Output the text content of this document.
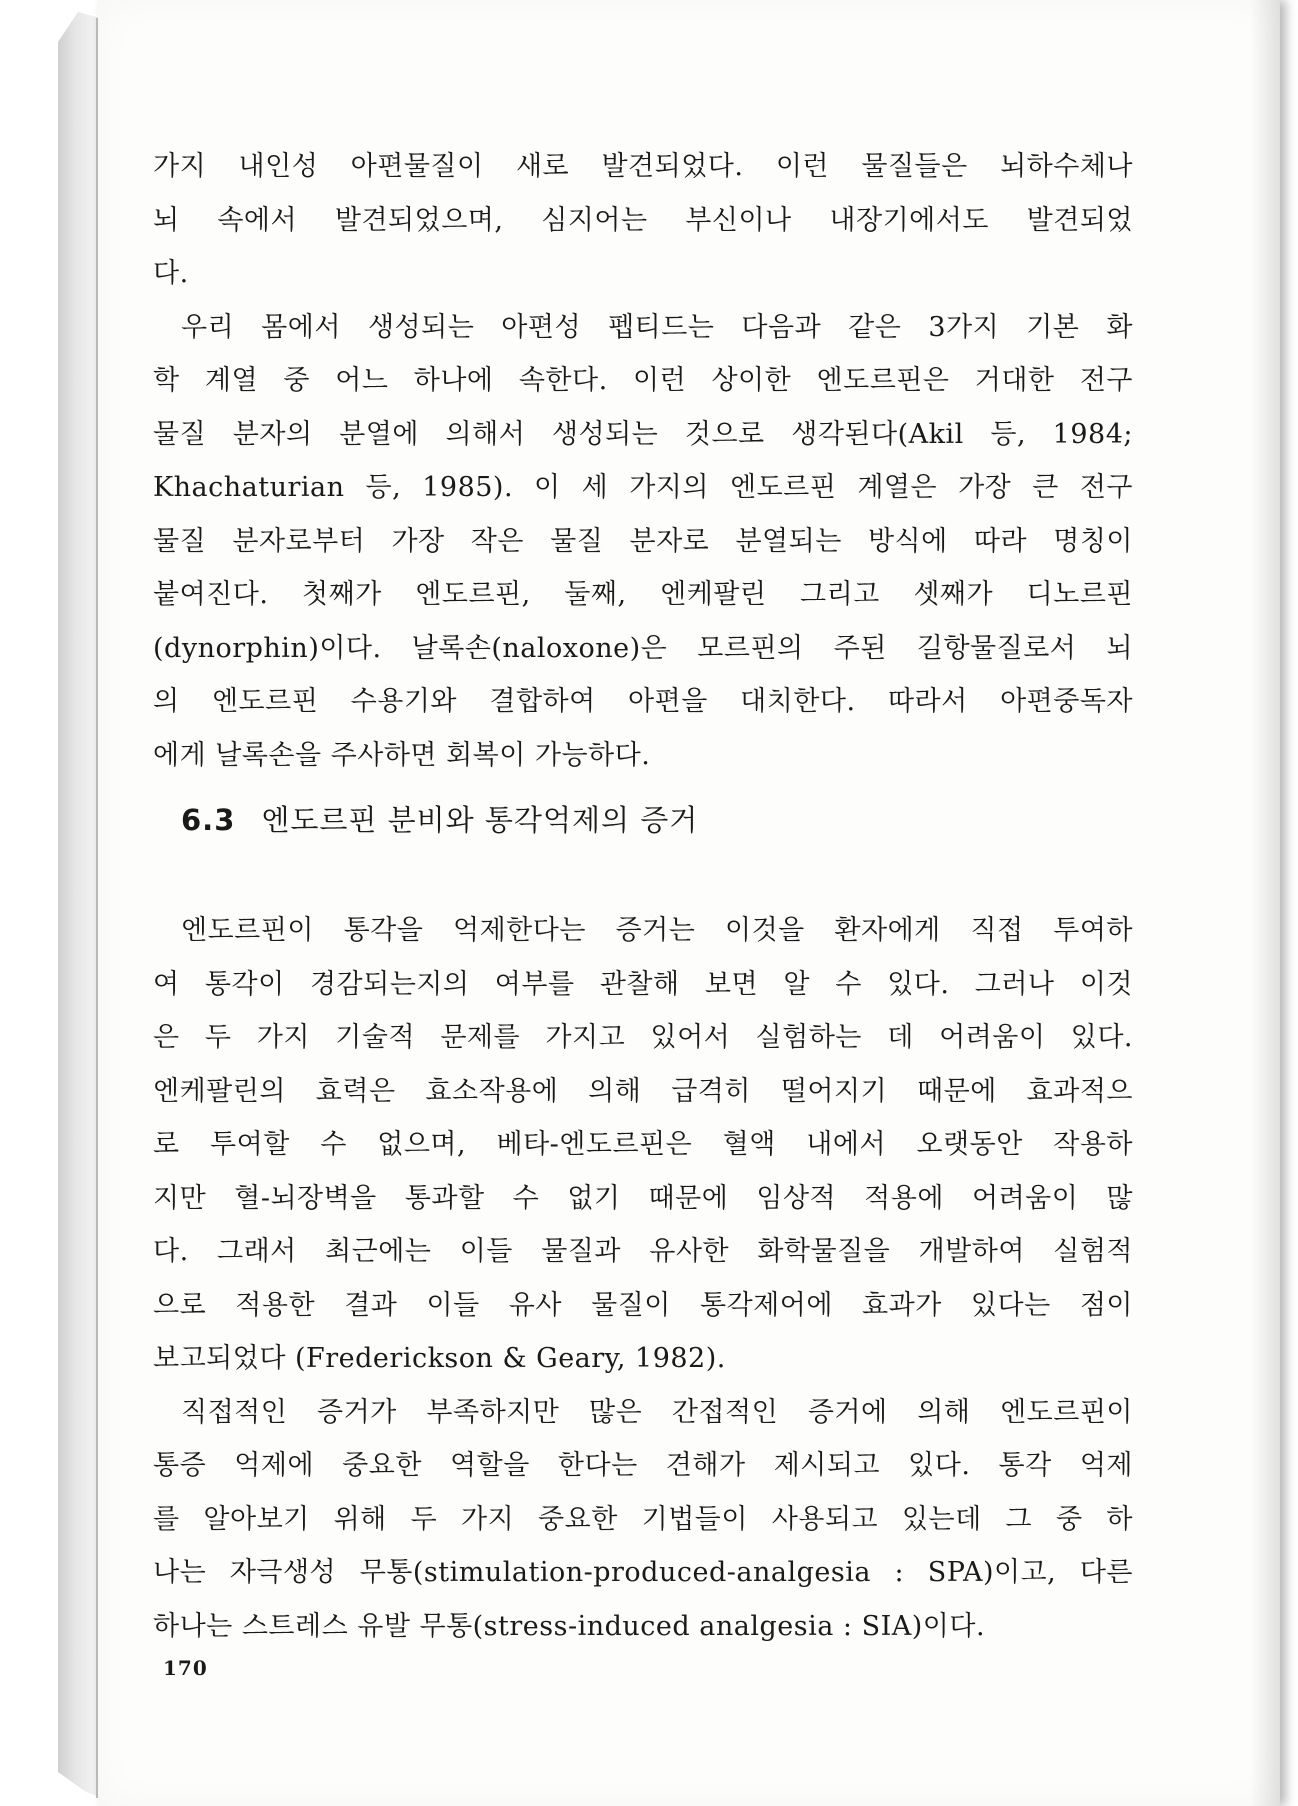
가지 내인성 아편물질이 새로 발견되었다. 이런 물질들은 뇌하수체나
뇌 속에서 발견되었으며, 심지어는 부신이나 내장기에서도 발견되었
다.
우리 몸에서 생성되는 아편성 펩티드는 다음과 같은 3가지 기본 화
학 계열 중 어느 하나에 속한다. 이런 상이한 엔도르핀은 거대한 전구
물질 분자의 분열에 의해서 생성되는 것으로 생각된다(Akil 등, 1984;
Khachaturian 등, 1985). 이 세 가지의 엔도르핀 계열은 가장 큰 전구
물질 분자로부터 가장 작은 물질 분자로 분열되는 방식에 따라 명칭이
붙여진다. 첫째가 엔도르핀, 둘째, 엔케팔린 그리고 셋째가 디노르핀
(dynorphin)이다. 날록손(naloxone)은 모르핀의 주된 길항물질로서 뇌
의 엔도르핀 수용기와 결합하여 아편을 대치한다. 따라서 아편중독자
에게 날록손을 주사하면 회복이 가능하다.
6.3 엔도르핀 분비와 통각억제의 증거
엔도르핀이 통각을 억제한다는 증거는 이것을 환자에게 직접 투여하
여 통각이 경감되는지의 여부를 관찰해 보면 알 수 있다. 그러나 이것
은 두 가지 기술적 문제를 가지고 있어서 실험하는 데 어려움이 있다.
엔케팔린의 효력은 효소작용에 의해 급격히 떨어지기 때문에 효과적으
로 투여할 수 없으며, 베타-엔도르핀은 혈액 내에서 오랫동안 작용하
지만 혈-뇌장벽을 통과할 수 없기 때문에 임상적 적용에 어려움이 많
다. 그래서 최근에는 이들 물질과 유사한 화학물질을 개발하여 실험적
으로 적용한 결과 이들 유사 물질이 통각제어에 효과가 있다는 점이
보고되었다 (Frederickson & Geary, 1982).
직접적인 증거가 부족하지만 많은 간접적인 증거에 의해 엔도르핀이
통증 억제에 중요한 역할을 한다는 견해가 제시되고 있다. 통각 억제
를 알아보기 위해 두 가지 중요한 기법들이 사용되고 있는데 그 중 하
나는 자극생성 무통(stimulation-produced-analgesia : SPA)이고, 다른
하나는 스트레스 유발 무통(stress-induced analgesia : SIA)이다.
170
